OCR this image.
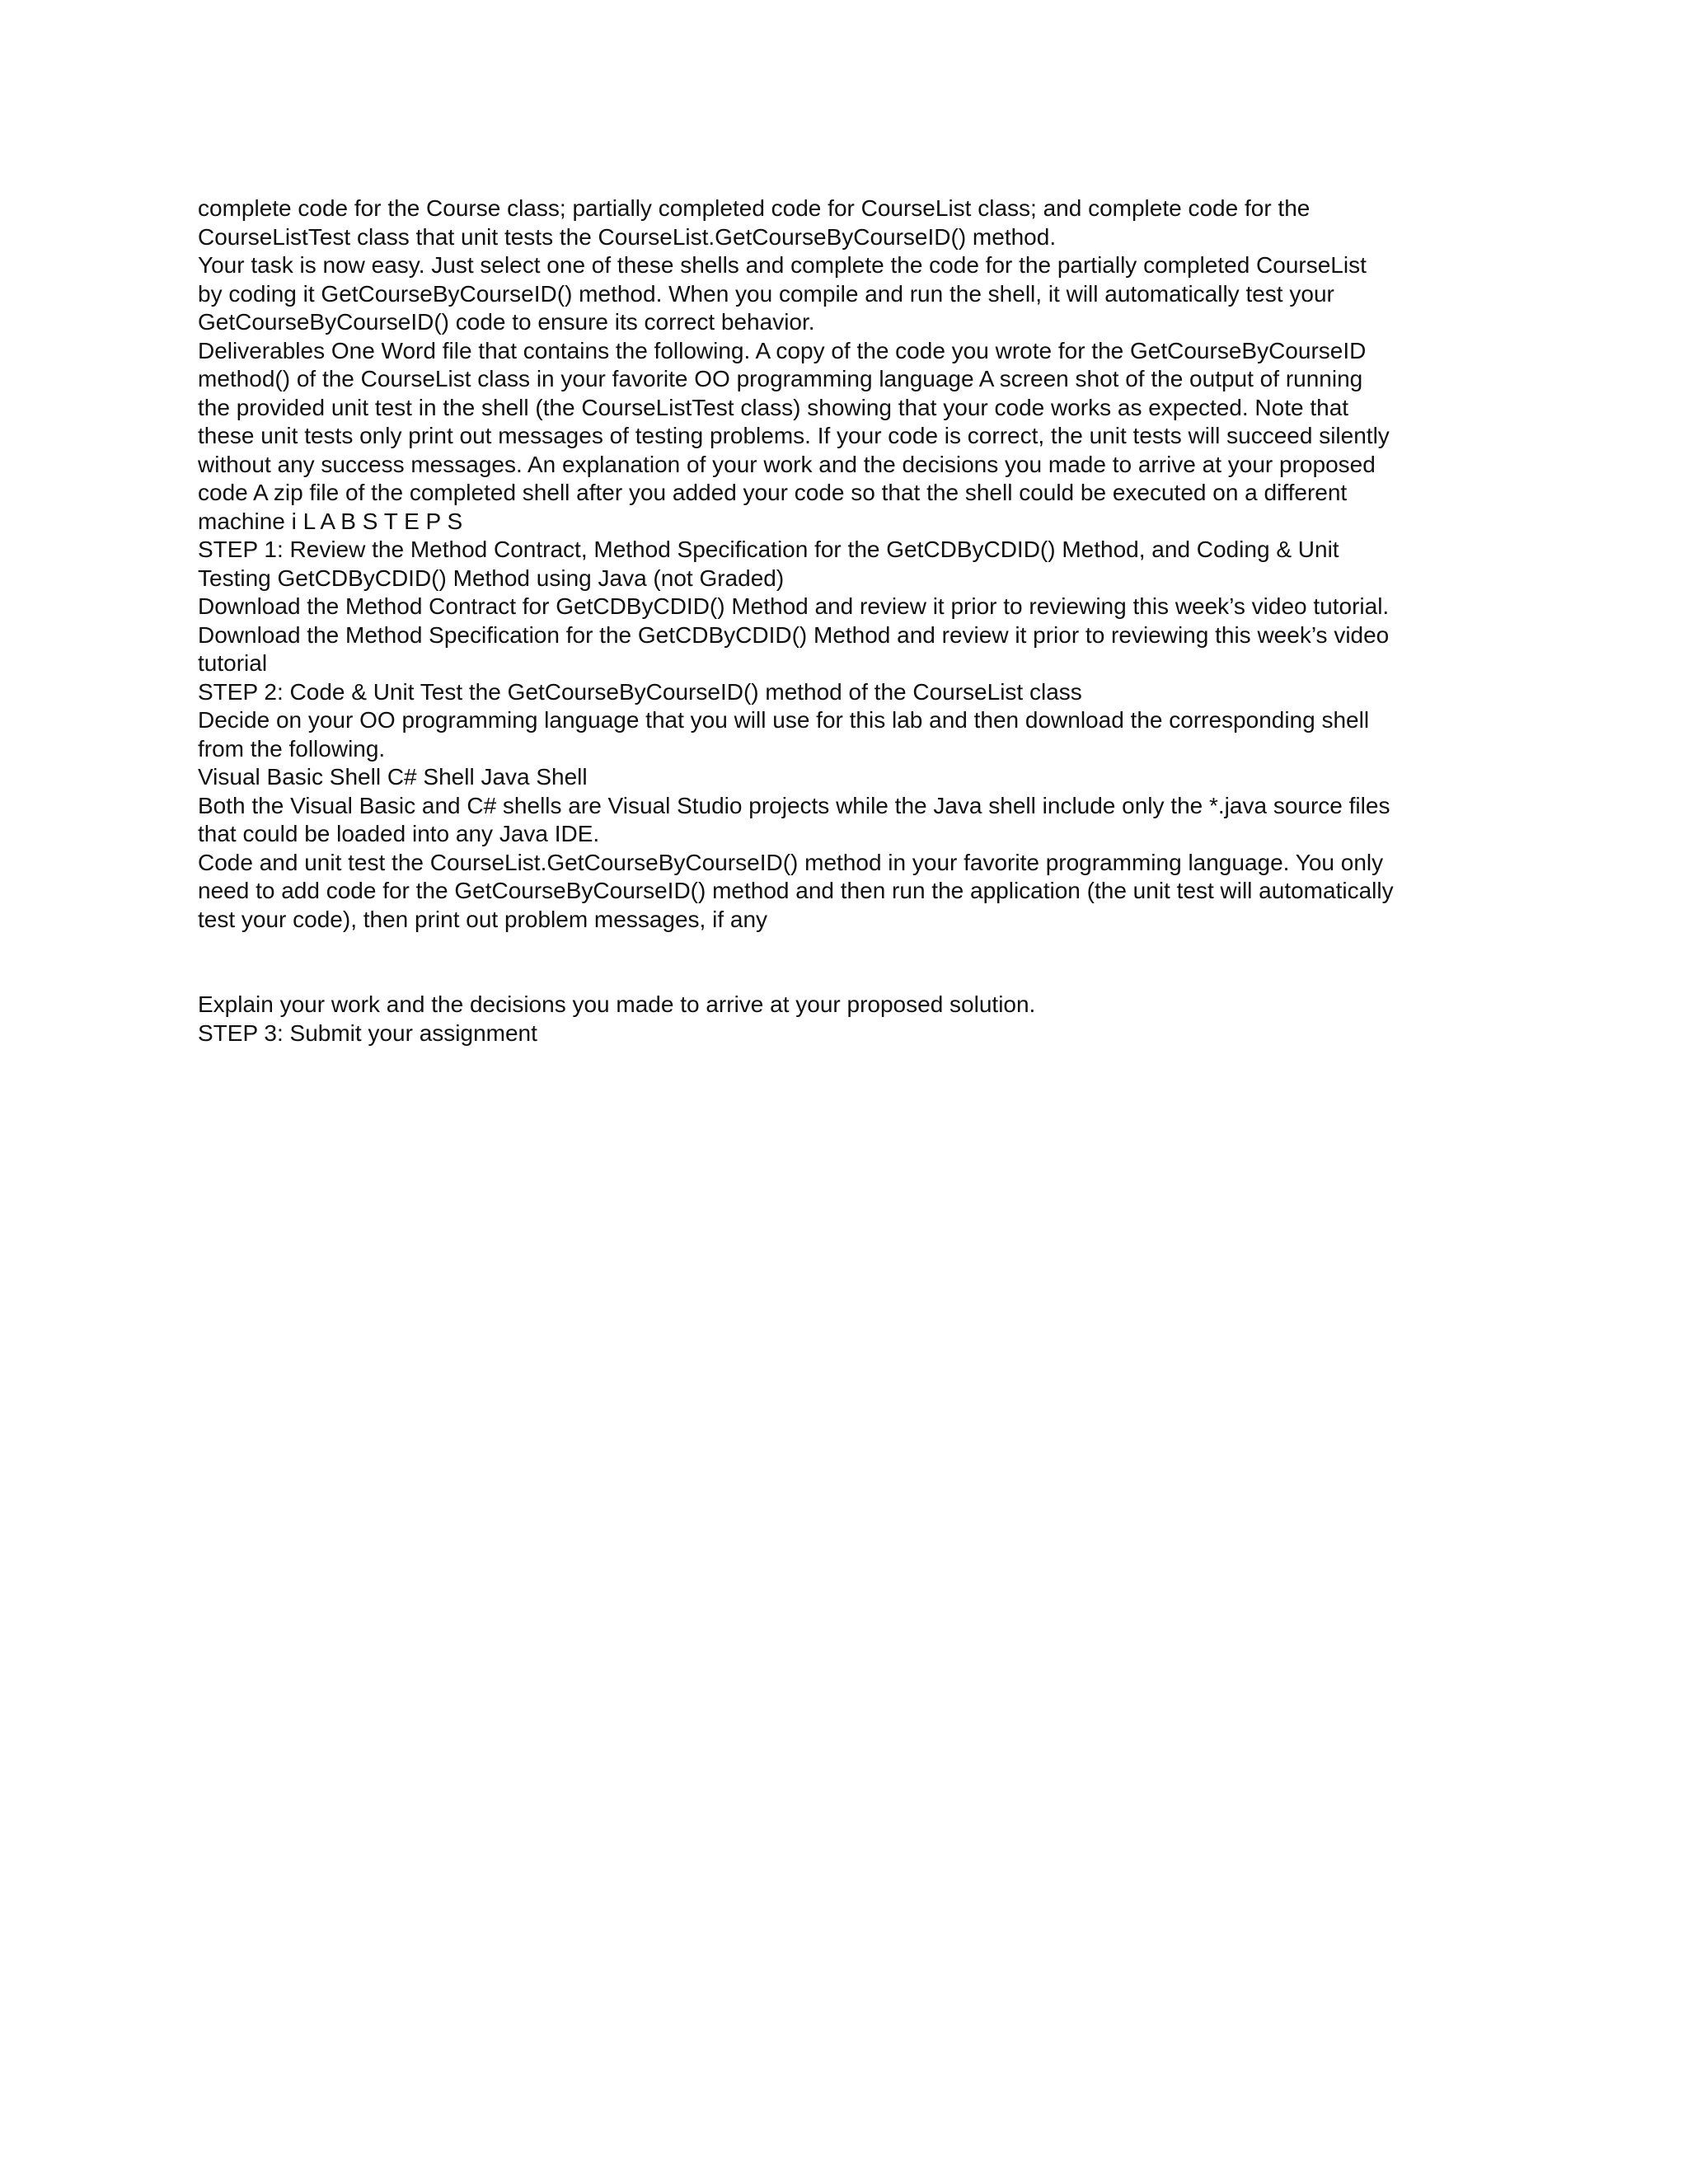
complete code for the Course class; partially completed code for CourseList class; and complete code for the
CourseListTest class that unit tests the CourseList.GetCourseByCourseID() method.
Your task is now easy. Just select one of these shells and complete the code for the partially completed CourseList
by coding it GetCourseByCourseID() method. When you compile and run the shell, it will automatically test your
GetCourseByCourseID() code to ensure its correct behavior.
Deliverables One Word file that contains the following. A copy of the code you wrote for the GetCourseByCourseID
method() of the CourseList class in your favorite OO programming language A screen shot of the output of running
the provided unit test in the shell (the CourseListTest class) showing that your code works as expected. Note that
these unit tests only print out messages of testing problems. If your code is correct, the unit tests will succeed silently
without any success messages. An explanation of your work and the decisions you made to arrive at your proposed
code A zip file of the completed shell after you added your code so that the shell could be executed on a different
machine i L A B S T E P S
STEP 1: Review the Method Contract, Method Specification for the GetCDByCDID() Method, and Coding & Unit
Testing GetCDByCDID() Method using Java (not Graded)
Download the Method Contract for GetCDByCDID() Method and review it prior to reviewing this week’s video tutorial.
Download the Method Specification for the GetCDByCDID() Method and review it prior to reviewing this week’s video
tutorial
STEP 2: Code & Unit Test the GetCourseByCourseID() method of the CourseList class
Decide on your OO programming language that you will use for this lab and then download the corresponding shell
from the following.
Visual Basic Shell C# Shell Java Shell
Both the Visual Basic and C# shells are Visual Studio projects while the Java shell include only the *.java source files
that could be loaded into any Java IDE.
Code and unit test the CourseList.GetCourseByCourseID() method in your favorite programming language. You only
need to add code for the GetCourseByCourseID() method and then run the application (the unit test will automatically
test your code), then print out problem messages, if any
Explain your work and the decisions you made to arrive at your proposed solution.
STEP 3: Submit your assignment
